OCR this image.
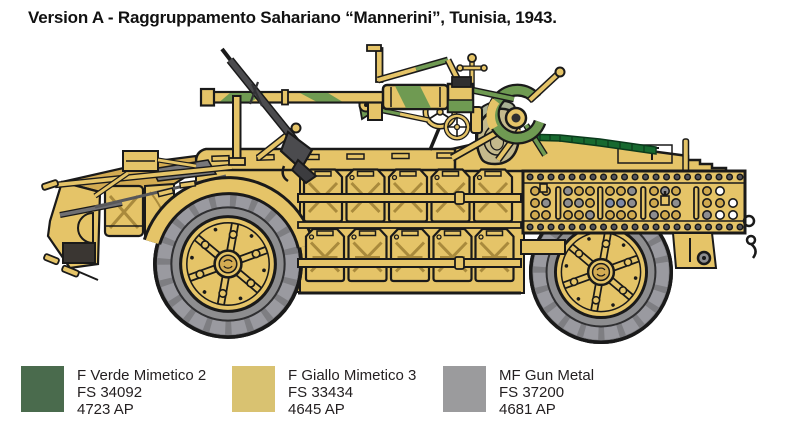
Version A - Raggruppamento Sahariano “Mannerini”, Tunisia, 1943.
F Verde Mimetico 2
FS 34092
4723 AP
F Giallo Mimetico 3
FS 33434
4645 AP
MF Gun Metal
FS 37200
4681 AP
